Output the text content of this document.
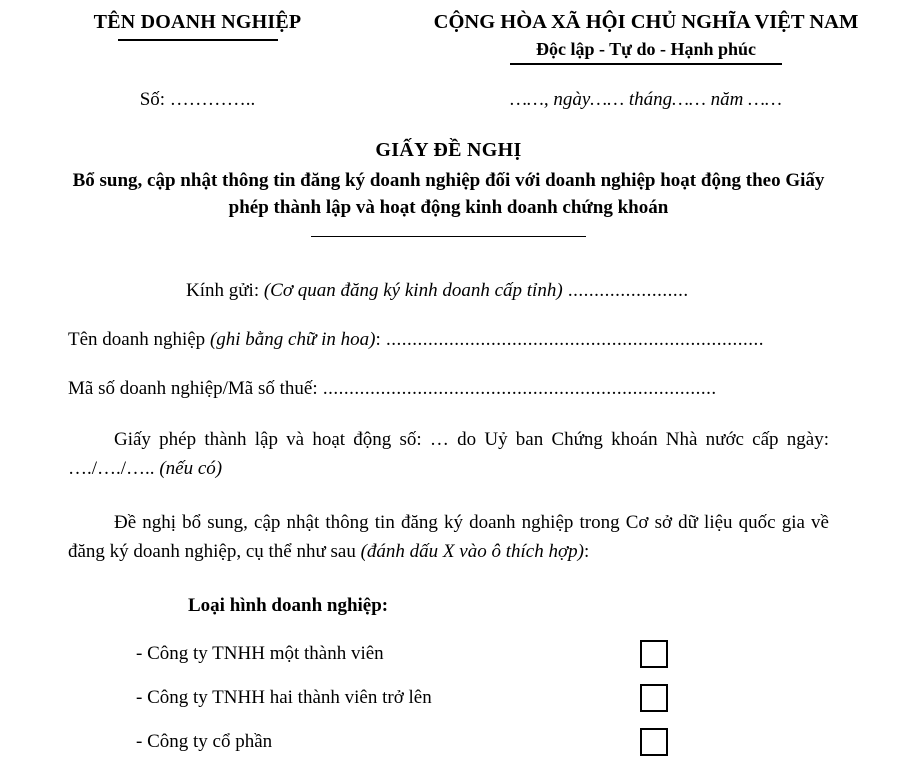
TÊN DOANH NGHIỆP	CỘNG HÒA XÃ HỘI CHỦ NGHĨA VIỆT NAM
Độc lập - Tự do - Hạnh phúc
Số: …………..	……, ngày…… tháng…… năm ……
GIẤY ĐỀ NGHỊ
Bổ sung, cập nhật thông tin đăng ký doanh nghiệp đối với doanh nghiệp hoạt động theo Giấy phép thành lập và hoạt động kinh doanh chứng khoán
Kính gửi: (Cơ quan đăng ký kinh doanh cấp tỉnh) .......................
Tên doanh nghiệp (ghi bằng chữ in hoa): ........................................................................
Mã số doanh nghiệp/Mã số thuế: ...........................................................................
Giấy phép thành lập và hoạt động số: … do Uỷ ban Chứng khoán Nhà nước cấp ngày: …./…./….. (nếu có)
Đề nghị bổ sung, cập nhật thông tin đăng ký doanh nghiệp trong Cơ sở dữ liệu quốc gia về đăng ký doanh nghiệp, cụ thể như sau (đánh dấu X vào ô thích hợp):
Loại hình doanh nghiệp:
- Công ty TNHH một thành viên
- Công ty TNHH hai thành viên trở lên
- Công ty cổ phần
